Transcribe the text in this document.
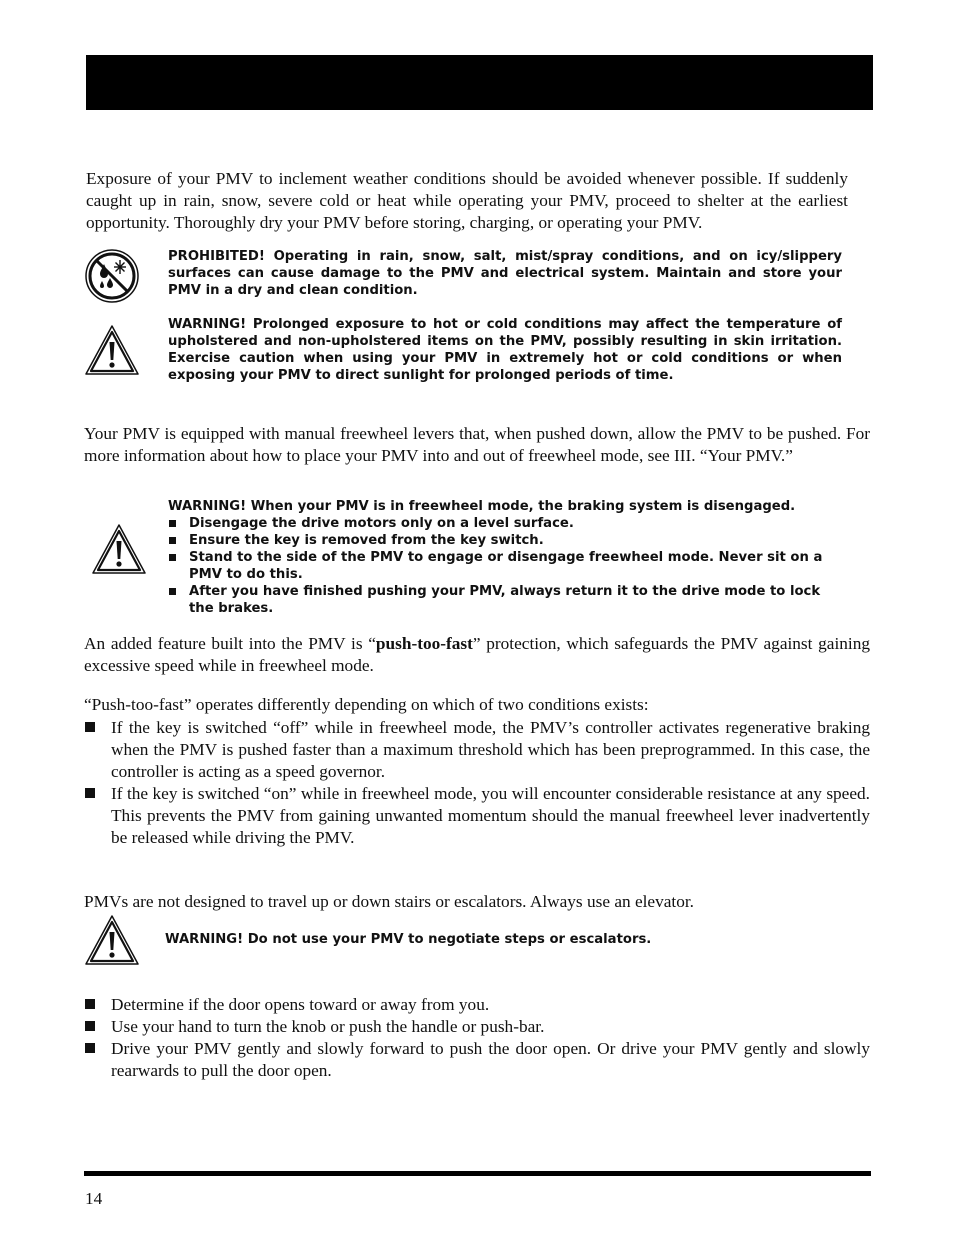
Exposure of your PMV to inclement weather conditions should be avoided whenever possible. If suddenly caught up in rain, snow, severe cold or heat while operating your PMV, proceed to shelter at the earliest opportunity. Thoroughly dry your PMV before storing, charging, or operating your PMV.

PROHIBITED! Operating in rain, snow, salt, mist/spray conditions, and on icy/slippery surfaces can cause damage to the PMV and electrical system. Maintain and store your PMV in a dry and clean condition.
WARNING! Prolonged exposure to hot or cold conditions may affect the temperature of upholstered and non-upholstered items on the PMV, possibly resulting in skin irritation. Exercise caution when using your PMV in extremely hot or cold conditions or when exposing your PMV to direct sunlight for prolonged periods of time.

Your PMV is equipped with manual freewheel levers that, when pushed down, allow the PMV to be pushed. For more information about how to place your PMV into and out of freewheel mode, see III. “Your PMV.”

WARNING! When your PMV is in freewheel mode, the braking system is disengaged.
Disengage the drive motors only on a level surface.
Ensure the key is removed from the key switch.
Stand to the side of the PMV to engage or disengage freewheel mode. Never sit on a PMV to do this.
After you have finished pushing your PMV, always return it to the drive mode to lock the brakes.

An added feature built into the PMV is “push-too-fast” protection, which safeguards the PMV against gaining excessive speed while in freewheel mode.

“Push-too-fast” operates differently depending on which of two conditions exists:

If the key is switched “off” while in freewheel mode, the PMV’s controller activates regenerative braking when the PMV is pushed faster than a maximum threshold which has been preprogrammed. In this case, the controller is acting as a speed governor.
If the key is switched “on” while in freewheel mode, you will encounter considerable resistance at any speed. This prevents the PMV from gaining unwanted momentum should the manual freewheel lever inadvertently be released while driving the PMV.

PMVs are not designed to travel up or down stairs or escalators. Always use an elevator.

WARNING! Do not use your PMV to negotiate steps or escalators.
Determine if the door opens toward or away from you.
Use your hand to turn the knob or push the handle or push-bar.
Drive your PMV gently and slowly forward to push the door open. Or drive your PMV gently and slowly rearwards to pull the door open.
14
